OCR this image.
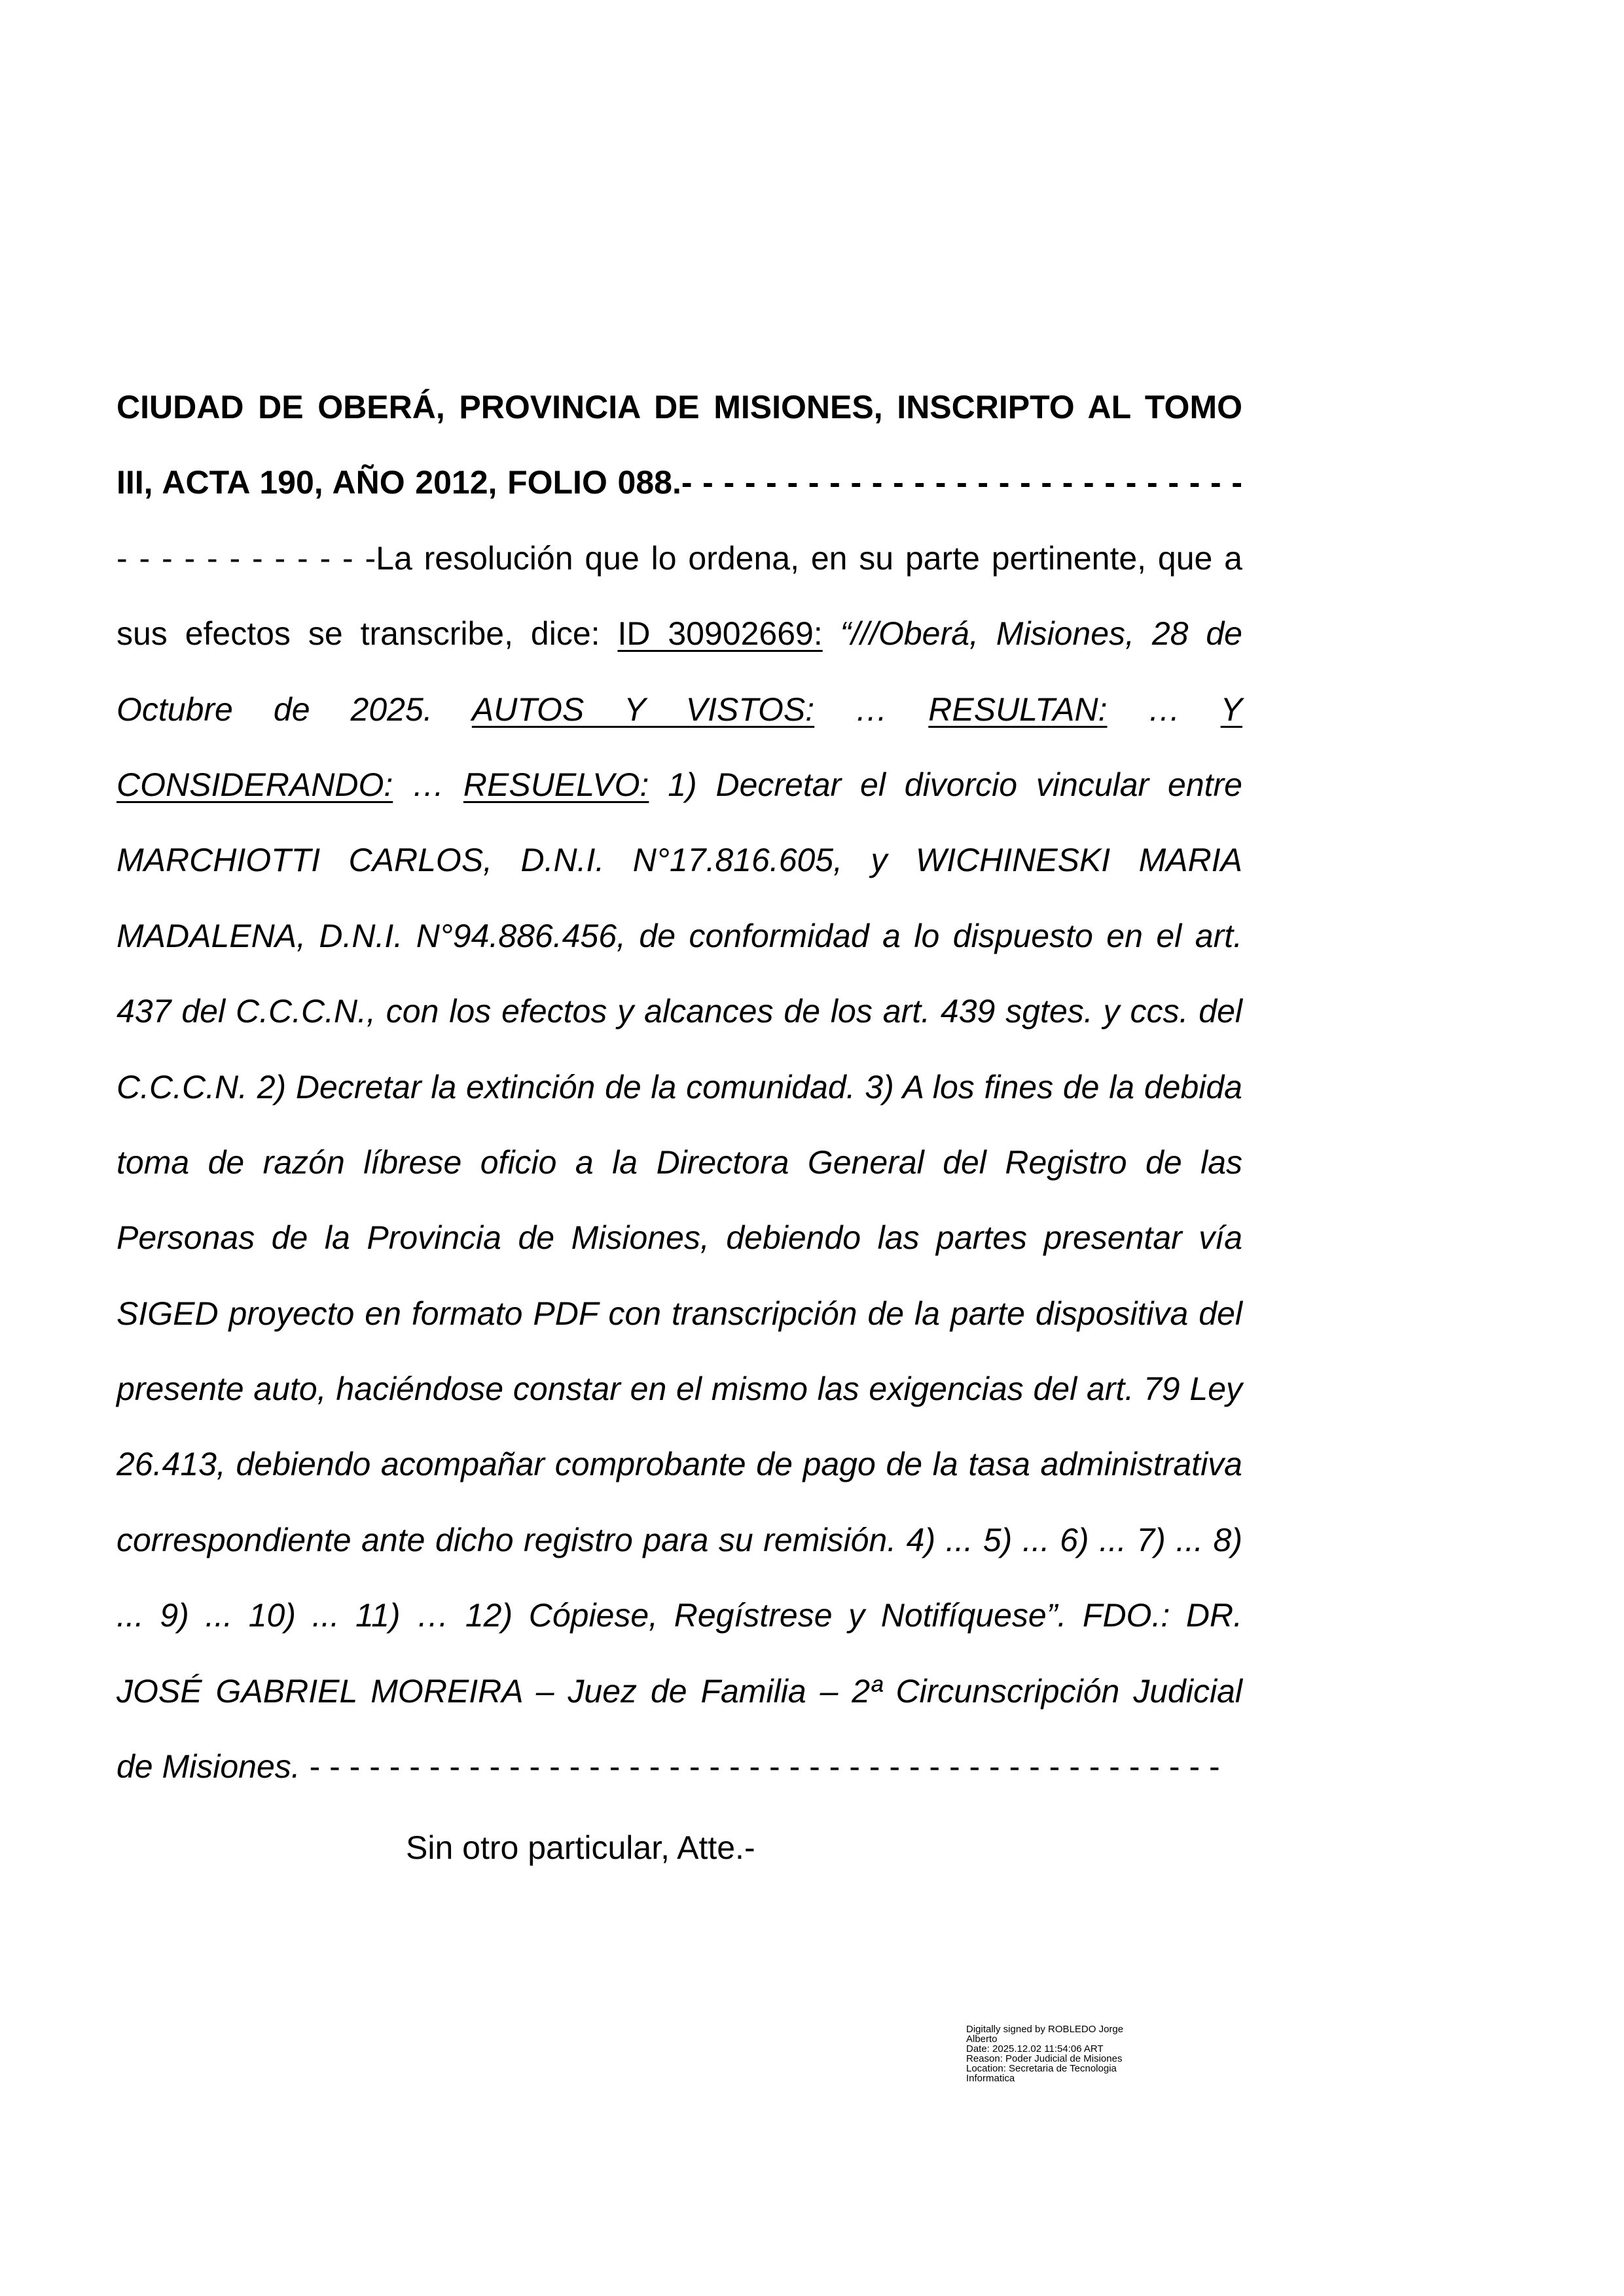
CIUDAD DE OBERÁ, PROVINCIA DE MISIONES, INSCRIPTO AL TOMO
III, ACTA 190, AÑO 2012, FOLIO 088.- - - - - - - - - - - - - - - - - - - - - - - - - - -
- - - - - - - - - - - -La resolución que lo ordena, en su parte pertinente, que a
sus efectos se transcribe, dice: ID 30902669: “///Oberá, Misiones, 28 de
Octubre de 2025. AUTOS Y VISTOS: … RESULTAN: … Y
CONSIDERANDO: … RESUELVO: 1) Decretar el divorcio vincular entre
MARCHIOTTI CARLOS, D.N.I. N°17.816.605, y WICHINESKI MARIA
MADALENA, D.N.I. N°94.886.456, de conformidad a lo dispuesto en el art.
437 del C.C.C.N., con los efectos y alcances de los art. 439 sgtes. y ccs. del
C.C.C.N. 2) Decretar la extinción de la comunidad. 3) A los fines de la debida
toma de razón líbrese oficio a la Directora General del Registro de las
Personas de la Provincia de Misiones, debiendo las partes presentar vía
SIGED proyecto en formato PDF con transcripción de la parte dispositiva del
presente auto, haciéndose constar en el mismo las exigencias del art. 79 Ley
26.413, debiendo acompañar comprobante de pago de la tasa administrativa
correspondiente ante dicho registro para su remisión. 4) ... 5) ... 6) ... 7) ... 8)
... 9) ... 10) ... 11) … 12) Cópiese, Regístrese y Notifíquese”. FDO.: DR.
JOSÉ GABRIEL MOREIRA – Juez de Familia – 2ª Circunscripción Judicial
de Misiones. - - - - - - - - - - - - - - - - - - - - - - - - - - - - - - - - - - - - - - - - - - - - - -
Sin otro particular, Atte.-
Digitally signed by ROBLEDO Jorge
Alberto
Date: 2025.12.02 11:54:06 ART
Reason: Poder Judicial de Misiones
Location: Secretaria de Tecnologia
Informatica
